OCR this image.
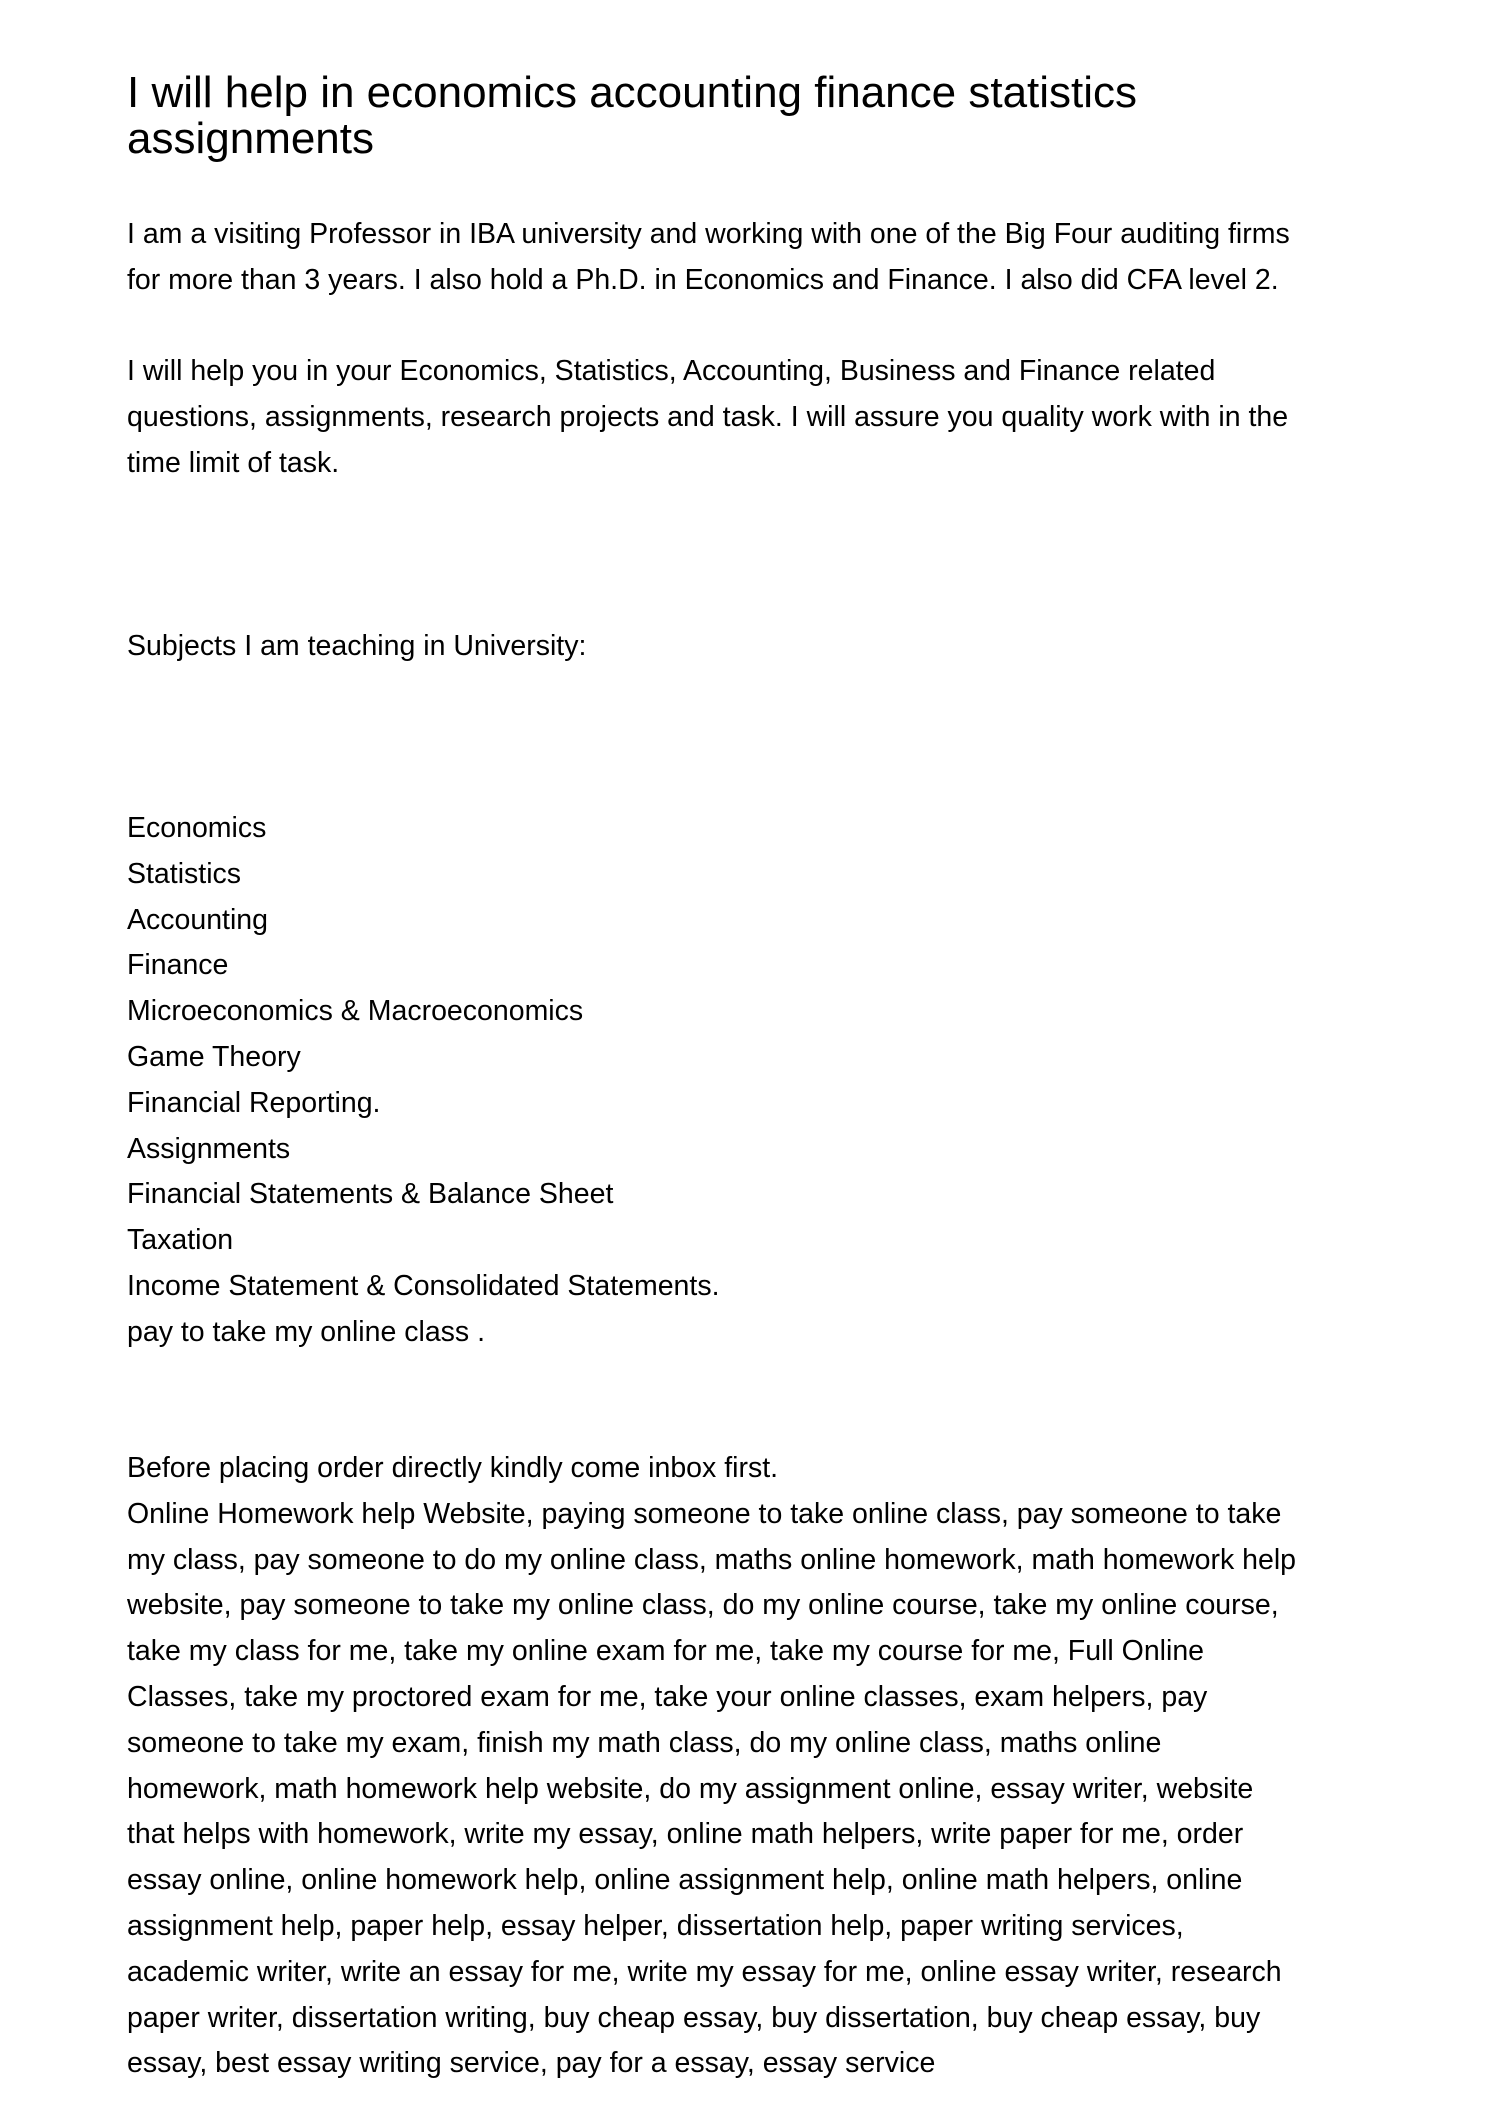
I will help in economics accounting finance statistics
assignments
I am a visiting Professor in IBA university and working with one of the Big Four auditing firms
for more than 3 years. I also hold a Ph.D. in Economics and Finance. I also did CFA level 2.
I will help you in your Economics, Statistics, Accounting, Business and Finance related
questions, assignments, research projects and task. I will assure you quality work with in the
time limit of task.
Subjects I am teaching in University:
Economics
Statistics
Accounting
Finance
Microeconomics & Macroeconomics
Game Theory
Financial Reporting.
Assignments
Financial Statements & Balance Sheet
Taxation
Income Statement & Consolidated Statements.
pay to take my online class .
Before placing order directly kindly come inbox first.
Online Homework help Website, paying someone to take online class, pay someone to take
my class, pay someone to do my online class, maths online homework, math homework help
website, pay someone to take my online class, do my online course, take my online course,
take my class for me, take my online exam for me, take my course for me, Full Online
Classes, take my proctored exam for me, take your online classes, exam helpers, pay
someone to take my exam, finish my math class, do my online class, maths online
homework, math homework help website, do my assignment online, essay writer, website
that helps with homework, write my essay, online math helpers, write paper for me, order
essay online, online homework help, online assignment help, online math helpers, online
assignment help, paper help, essay helper, dissertation help, paper writing services,
academic writer, write an essay for me, write my essay for me, online essay writer, research
paper writer, dissertation writing, buy cheap essay, buy dissertation, buy cheap essay, buy
essay, best essay writing service, pay for a essay, essay service
